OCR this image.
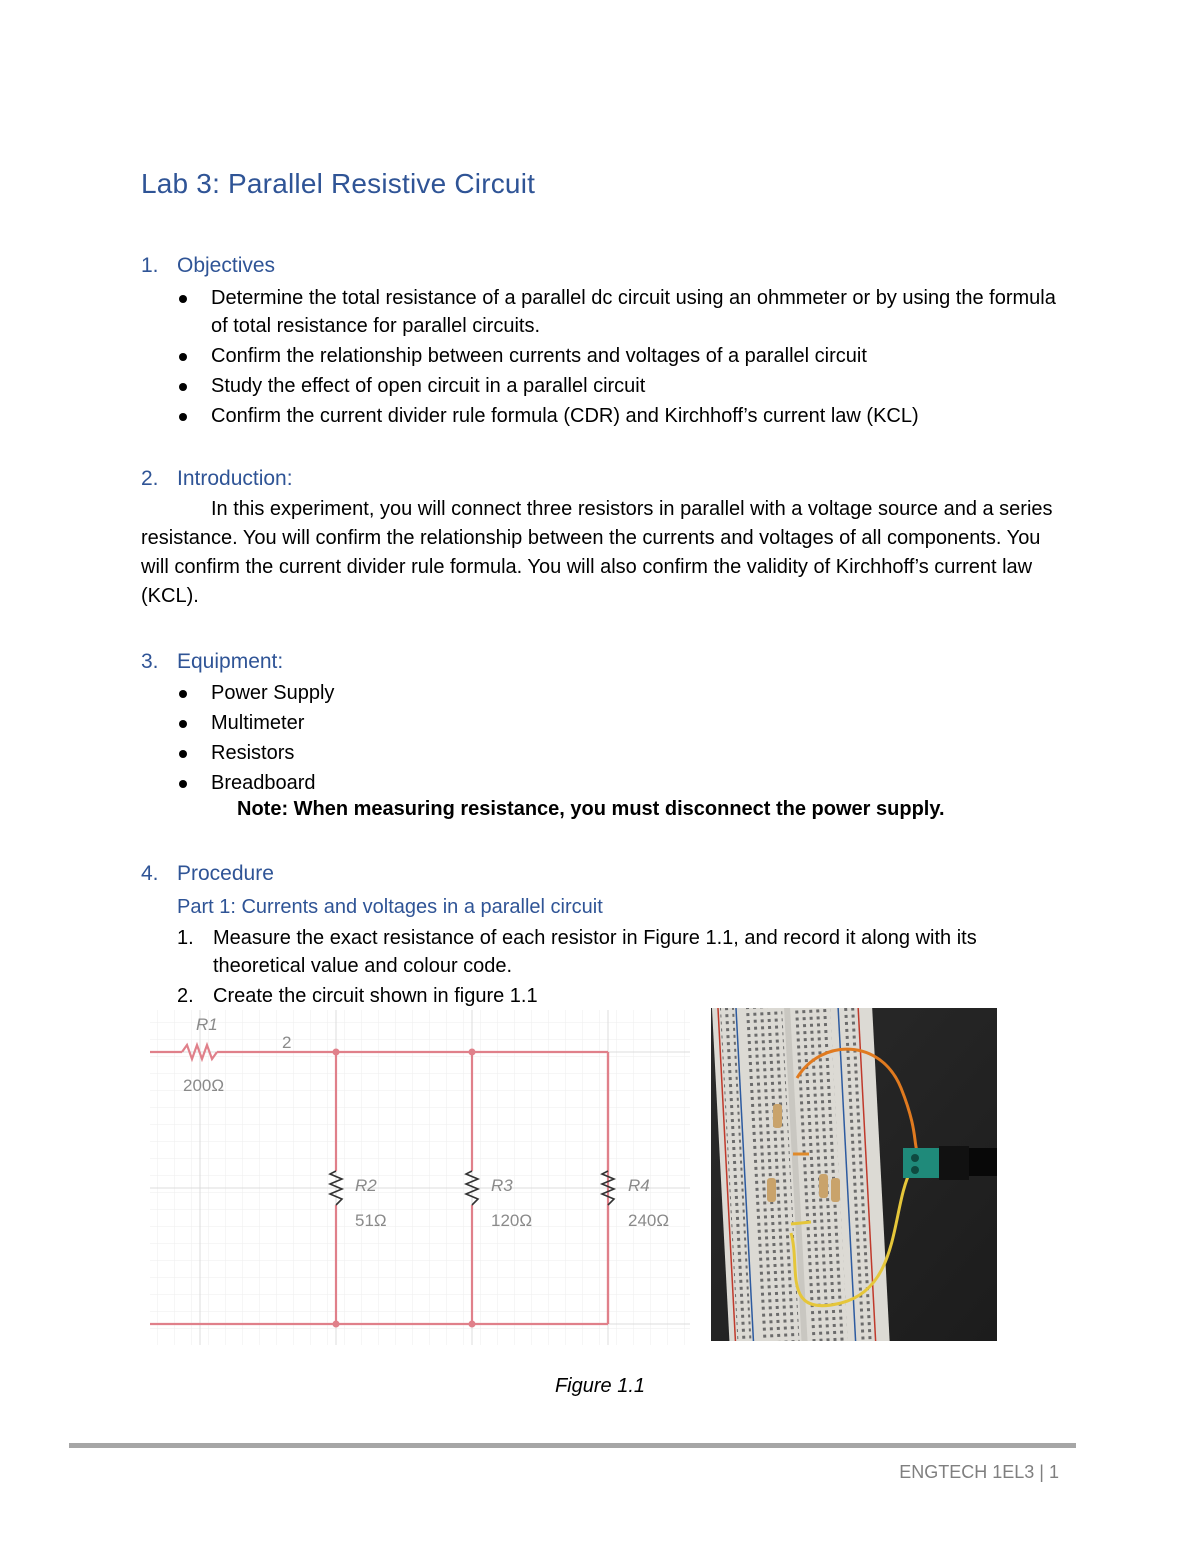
Lab 3: Parallel Resistive Circuit
1. Objectives
Determine the total resistance of a parallel dc circuit using an ohmmeter or by using the formula of total resistance for parallel circuits.
Confirm the relationship between currents and voltages of a parallel circuit
Study the effect of open circuit in a parallel circuit
Confirm the current divider rule formula (CDR) and Kirchhoff’s current law (KCL)
2. Introduction:
In this experiment, you will connect three resistors in parallel with a voltage source and a series resistance. You will confirm the relationship between the currents and voltages of all components. You will confirm the current divider rule formula. You will also confirm the validity of Kirchhoff’s current law (KCL).
3. Equipment:
Power Supply
Multimeter
Resistors
Breadboard
Note: When measuring resistance, you must disconnect the power supply.
4. Procedure
Part 1: Currents and voltages in a parallel circuit
1. Measure the exact resistance of each resistor in Figure 1.1, and record it along with its theoretical value and colour code.
2. Create the circuit shown in figure 1.1
R1
200Ω
2
R2
51Ω
R3
120Ω
R4
240Ω
Figure 1.1
ENGTECH 1EL3 | 1
